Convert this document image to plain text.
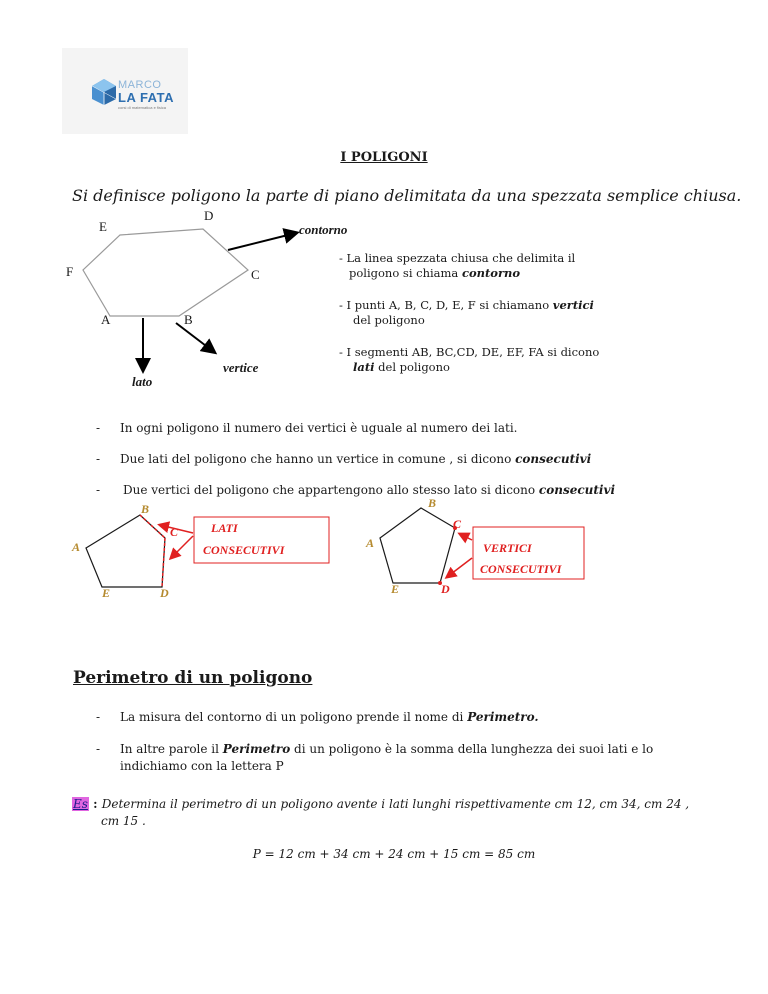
MARCO
LA FATA
corsi di matematica e fisica
I POLIGONI
Si definisce poligono la parte di piano delimitata da una spezzata semplice chiusa.
E
D
F	C
A	B
contorno
vertice
lato
- La linea spezzata chiusa che delimita il
poligono si chiama contorno
- I punti A, B, C, D, E, F si chiamano vertici
del poligono
- I segmenti AB, BC,CD, DE, EF, FA si dicono
lati del poligono
- In ogni poligono il numero dei vertici è uguale al numero dei lati.
- Due lati del poligono che hanno un vertice in comune , si dicono consecutivi
- Due vertici del poligono che appartengono allo stesso lato si dicono consecutivi
B
C
A
E	D
LATI
CONSECUTIVI
B
C
A
E	D
VERTICI
CONSECUTIVI
Perimetro di un poligono
- La misura del contorno di un poligono prende il nome di Perimetro.
- In altre parole il Perimetro di un poligono è la somma della lunghezza dei suoi lati e lo
indichiamo con la lettera P
Es : Determina il perimetro di un poligono avente i lati lunghi rispettivamente cm 12, cm 34, cm 24 ,
cm 15 .
P = 12 cm + 34 cm + 24 cm + 15 cm = 85 cm
